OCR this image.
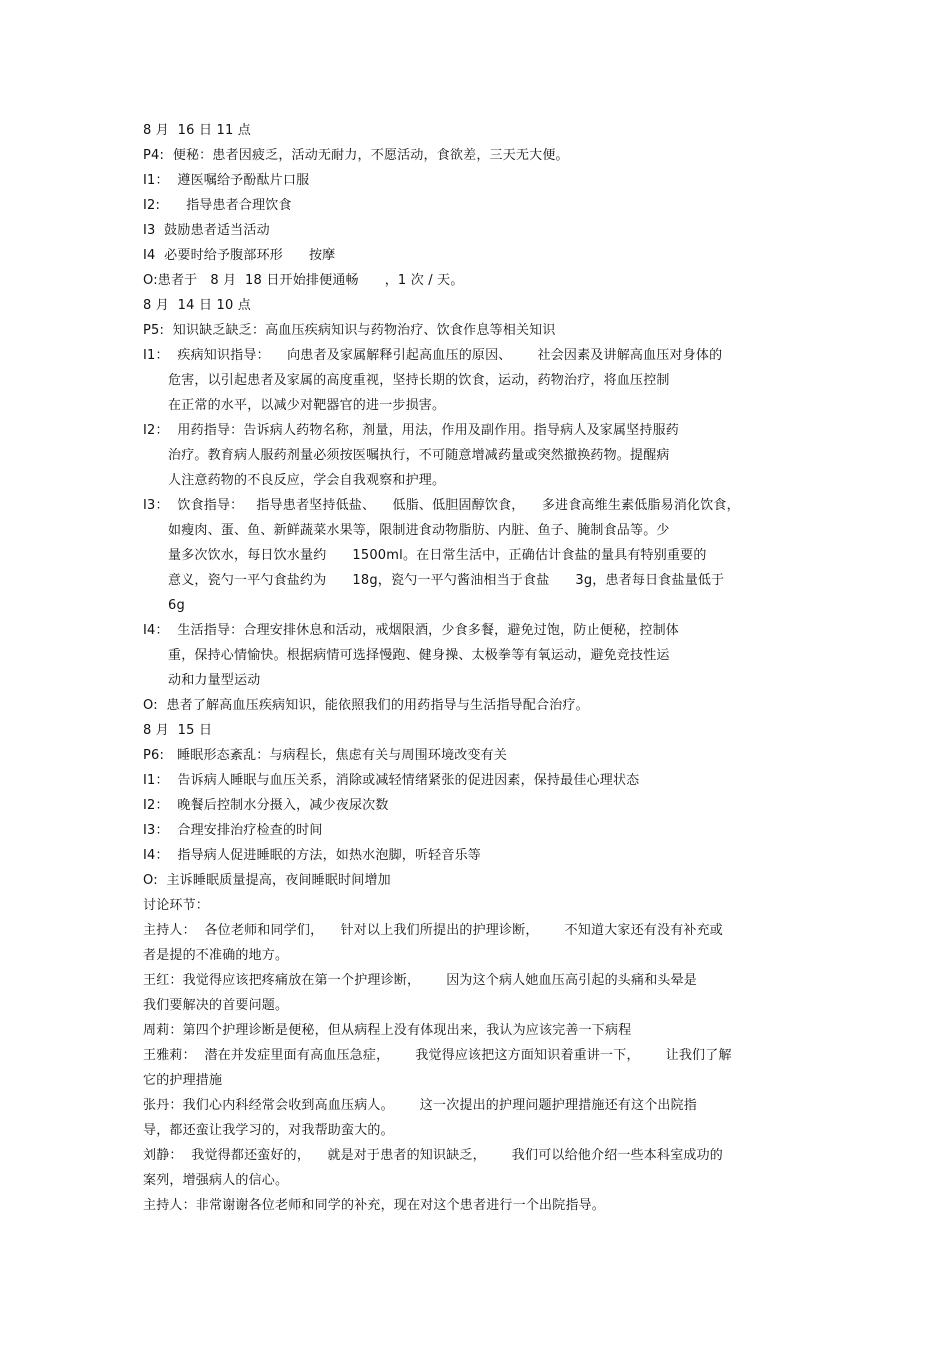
8 月  16 日 11 点
P4:  便秘：患者因疲乏，活动无耐力，不愿活动，食欲差，三天无大便。
I1：  遵医嘱给予酚酞片口服
I2:      指导患者合理饮食
I3  鼓励患者适当活动
I4  必要时给予腹部环形      按摩
O:患者于   8 月  18 日开始排便通畅      ，1 次 / 天。
8 月  14 日 10 点
P5:  知识缺乏缺乏：高血压疾病知识与药物治疗、饮食作息等相关知识
I1：  疾病知识指导：    向患者及家属解释引起高血压的原因、      社会因素及讲解高血压对身体的
危害，以引起患者及家属的高度重视，坚持长期的饮食，运动，药物治疗，将血压控制
在正常的水平，以减少对靶器官的进一步损害。
I2：  用药指导：告诉病人药物名称，剂量，用法，作用及副作用。指导病人及家属坚持服药
治疗。教育病人服药剂量必须按医嘱执行，不可随意增减药量或突然撤换药物。提醒病
人注意药物的不良反应，学会自我观察和护理。
I3：  饮食指导：   指导患者坚持低盐、    低脂、低胆固醇饮食，    多进食高维生素低脂易消化饮食，
如瘦肉、蛋、鱼、新鲜蔬菜水果等，限制进食动物脂肪、内脏、鱼子、腌制食品等。少
量多次饮水，每日饮水量约      1500ml。在日常生活中，正确估计食盐的量具有特别重要的
意义，瓷勺一平勺食盐约为      18g，瓷勺一平勺酱油相当于食盐      3g，患者每日食盐量低于
6g
I4：  生活指导：合理安排休息和活动，戒烟限酒，少食多餐，避免过饱，防止便秘，控制体
重，保持心情愉快。根据病情可选择慢跑、健身操、太极拳等有氧运动，避免竞技性运
动和力量型运动
O:  患者了解高血压疾病知识，能依照我们的用药指导与生活指导配合治疗。
8 月  15 日
P6:   睡眠形态紊乱：与病程长，焦虑有关与周围环境改变有关
I1：  告诉病人睡眠与血压关系，消除或减轻情绪紧张的促进因素，保持最佳心理状态
I2：  晚餐后控制水分摄入，减少夜尿次数
I3：  合理安排治疗检查的时间
I4：  指导病人促进睡眠的方法，如热水泡脚，听轻音乐等
O:  主诉睡眠质量提高，夜间睡眠时间增加
讨论环节：
主持人：  各位老师和同学们，    针对以上我们所提出的护理诊断，      不知道大家还有没有补充或
者是提的不准确的地方。
王红：我觉得应该把疼痛放在第一个护理诊断，      因为这个病人她血压高引起的头痛和头晕是
我们要解决的首要问题。
周莉：第四个护理诊断是便秘，但从病程上没有体现出来，我认为应该完善一下病程
王雅莉：  潜在并发症里面有高血压急症，      我觉得应该把这方面知识着重讲一下，      让我们了解
它的护理措施
张丹：我们心内科经常会收到高血压病人。      这一次提出的护理问题护理措施还有这个出院指
导，都还蛮让我学习的，对我帮助蛮大的。
刘静：  我觉得都还蛮好的，    就是对于患者的知识缺乏，      我们可以给他介绍一些本科室成功的
案列，增强病人的信心。
主持人：非常谢谢各位老师和同学的补充，现在对这个患者进行一个出院指导。
